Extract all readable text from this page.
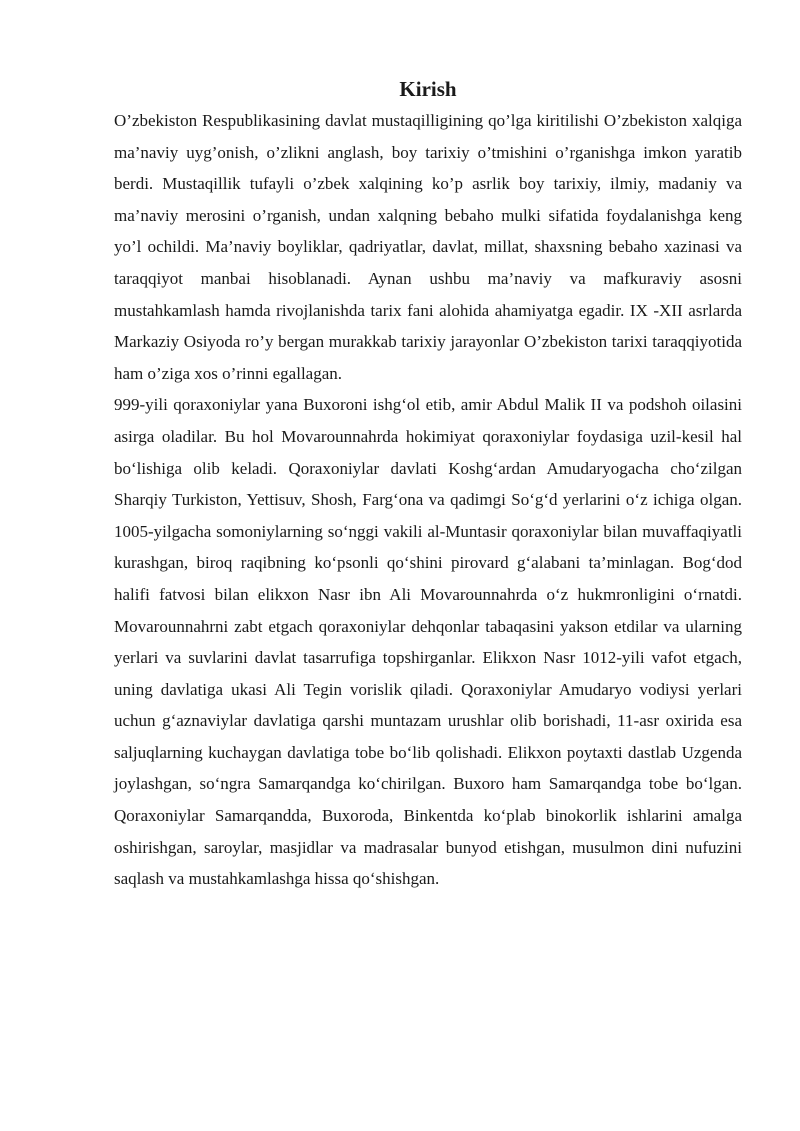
Kirish

O’zbekiston Respublikasining davlat mustaqilligining qo’lga kiritilishi O’zbekiston xalqiga ma’naviy uyg’onish, o’zlikni anglash, boy tarixiy o’tmishini o’rganishga imkon yaratib berdi. Mustaqillik tufayli o’zbek xalqining ko’p asrlik boy tarixiy, ilmiy, madaniy va ma’naviy merosini o’rganish, undan xalqning bebaho mulki sifatida foydalanishga keng yo’l ochildi. Ma’naviy boyliklar, qadriyatlar, davlat, millat, shaxsning bebaho xazinasi va taraqqiyot manbai hisoblanadi. Aynan ushbu ma’naviy va mafkuraviy asosni mustahkamlash hamda rivojlanishda tarix fani alohida ahamiyatga egadir. IX -XII asrlarda Markaziy Osiyoda ro’y bergan murakkab tarixiy jarayonlar O’zbekiston tarixi taraqqiyotida ham o’ziga xos o’rinni egallagan.

999-yili qoraxoniylar yana Buxoroni ishg‘ol etib, amir Abdul Malik II va podshoh oilasini asirga oladilar. Bu hol Movarounnahrda hokimiyat qoraxoniylar foydasiga uzil-kesil hal bo‘lishiga olib keladi. Qoraxoniylar davlati Koshg‘ardan Amudaryogacha cho‘zilgan Sharqiy Turkiston, Yettisuv, Shosh, Farg‘ona va qadimgi So‘g‘d yerlarini o‘z ichiga olgan. 1005-yilgacha somoniylarning so‘nggi vakili al-Muntasir qoraxoniylar bilan muvaffaqiyatli kurashgan, biroq raqibning ko‘psonli qo‘shini pirovard g‘alabani ta’minlagan. Bog‘dod halifi fatvosi bilan elikxon Nasr ibn Ali Movarounnahrda o‘z hukmronligini o‘rnatdi. Movarounnahrni zabt etgach qoraxoniylar dehqonlar tabaqasini yakson etdilar va ularning yerlari va suvlarini davlat tasarrufiga topshirganlar. Elikxon Nasr 1012-yili vafot etgach, uning davlatiga ukasi Ali Tegin vorislik qiladi. Qoraxoniylar Amudaryo vodiysi yerlari uchun g‘aznaviylar davlatiga qarshi muntazam urushlar olib borishadi, 11-asr oxirida esa saljuqlarning kuchaygan davlatiga tobe bo‘lib qolishadi. Elikxon poytaxti dastlab Uzgenda joylashgan, so‘ngra Samarqandga ko‘chirilgan. Buxoro ham Samarqandga tobe bo‘lgan. Qoraxoniylar Samarqandda, Buxoroda, Binkentda ko‘plab binokorlik ishlarini amalga oshirishgan, saroylar, masjidlar va madrasalar bunyod etishgan, musulmon dini nufuzini saqlash va mustahkamlashga hissa qo‘shishgan.
